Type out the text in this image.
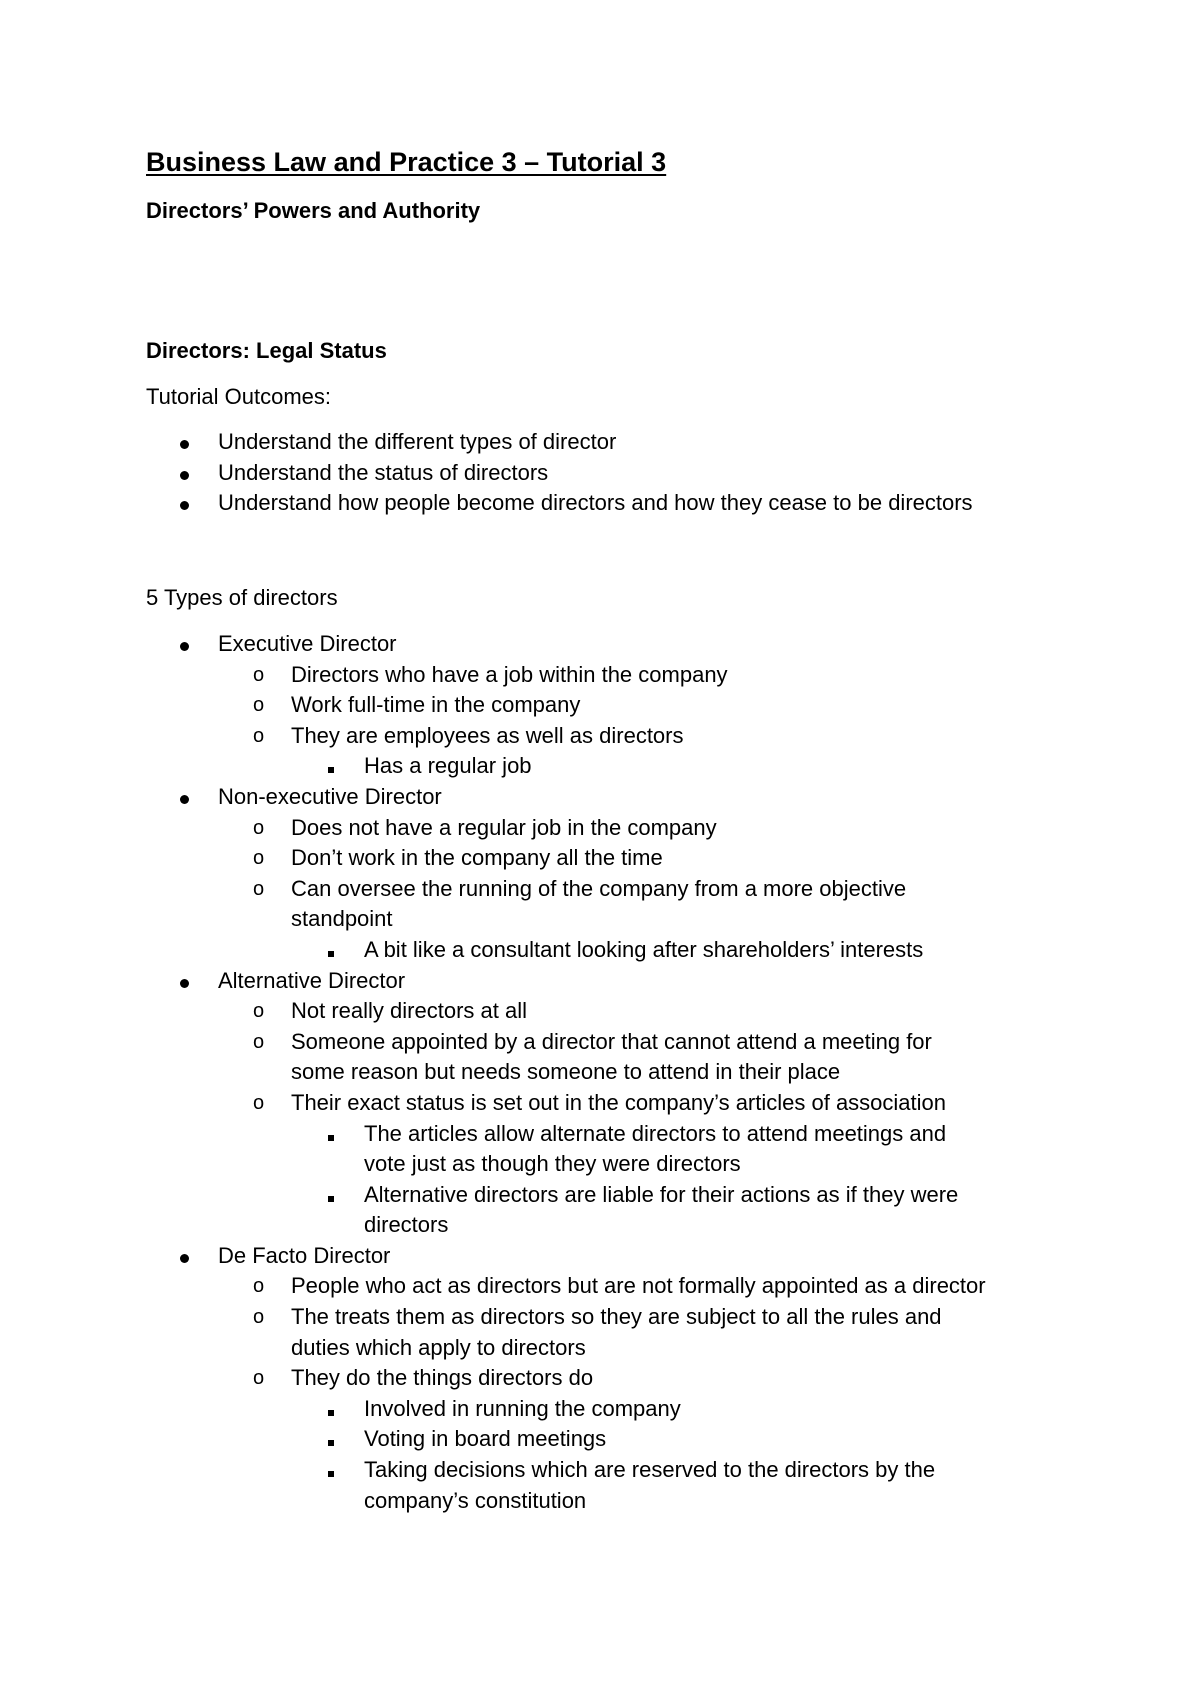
Business Law and Practice 3 – Tutorial 3
Directors’ Powers and Authority
Directors: Legal Status

Tutorial Outcomes:

Understand the different types of director
Understand the status of directors
Understand how people become directors and how they cease to be directors

5 Types of directors

Executive Director
o Directors who have a job within the company
o Work full-time in the company
o They are employees as well as directors
Has a regular job
Non-executive Director
o Does not have a regular job in the company
o Don’t work in the company all the time
o Can oversee the running of the company from a more objective
standpoint
A bit like a consultant looking after shareholders’ interests
Alternative Director
o Not really directors at all
o Someone appointed by a director that cannot attend a meeting for
some reason but needs someone to attend in their place
o Their exact status is set out in the company’s articles of association
The articles allow alternate directors to attend meetings and
vote just as though they were directors
Alternative directors are liable for their actions as if they were
directors
De Facto Director
o People who act as directors but are not formally appointed as a director
o The treats them as directors so they are subject to all the rules and
duties which apply to directors
o They do the things directors do
Involved in running the company
Voting in board meetings
Taking decisions which are reserved to the directors by the
company’s constitution
